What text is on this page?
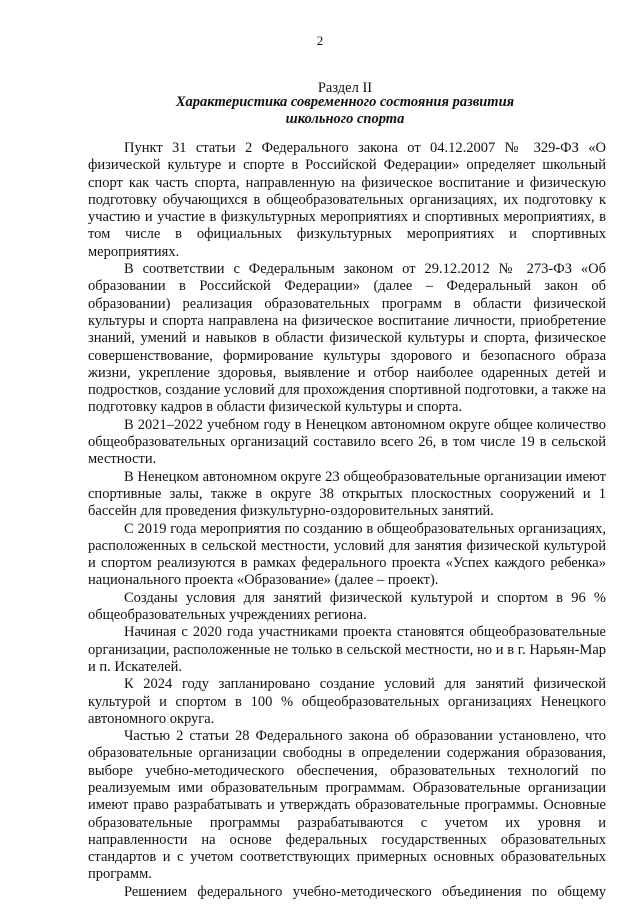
2
Раздел II
Характеристика современного состояния развития
школьного спорта

Пункт 31 статьи 2 Федерального закона от 04.12.2007 № 329-ФЗ «О физической культуре и спорте в Российской Федерации» определяет школьный спорт как часть спорта, направленную на физическое воспитание и физическую подготовку обучающихся в общеобразовательных организациях, их подготовку к участию и участие в физкультурных мероприятиях и спортивных мероприятиях, в том числе в официальных физкультурных мероприятиях и спортивных мероприятиях.

В соответствии с Федеральным законом от 29.12.2012 № 273-ФЗ «Об образовании в Российской Федерации» (далее – Федеральный закон об образовании) реализация образовательных программ в области физической культуры и спорта направлена на физическое воспитание личности, приобретение знаний, умений и навыков в области физической культуры и спорта, физическое совершенствование, формирование культуры здорового и безопасного образа жизни, укрепление здоровья, выявление и отбор наиболее одаренных детей и подростков, создание условий для прохождения спортивной подготовки, а также на подготовку кадров в области физической культуры и спорта.

В 2021–2022 учебном году в Ненецком автономном округе общее количество общеобразовательных организаций составило всего 26, в том числе 19 в сельской местности.

В Ненецком автономном округе 23 общеобразовательные организации имеют спортивные залы, также в округе 38 открытых плоскостных сооружений и 1 бассейн для проведения физкультурно-оздоровительных занятий.

С 2019 года мероприятия по созданию в общеобразовательных организациях, расположенных в сельской местности, условий для занятия физической культурой и спортом реализуются в рамках федерального проекта «Успех каждого ребенка» национального проекта «Образование» (далее – проект).

Созданы условия для занятий физической культурой и спортом в 96 % общеобразовательных учреждениях региона.

Начиная с 2020 года участниками проекта становятся общеобразовательные организации, расположенные не только в сельской местности, но и в г. Нарьян-Мар и п. Искателей.

К 2024 году запланировано создание условий для занятий физической культурой и спортом в 100 % общеобразовательных организациях Ненецкого автономного округа.

Частью 2 статьи 28 Федерального закона об образовании установлено, что образовательные организации свободны в определении содержания образования, выборе учебно-методического обеспечения, образовательных технологий по реализуемым ими образовательным программам. Образовательные организации имеют право разрабатывать и утверждать образовательные программы. Основные образовательные программы разрабатываются с учетом их уровня и направленности на основе федеральных государственных образовательных стандартов и с учетом соответствующих примерных основных образовательных программ.

Решением федерального учебно-методического объединения по общему
